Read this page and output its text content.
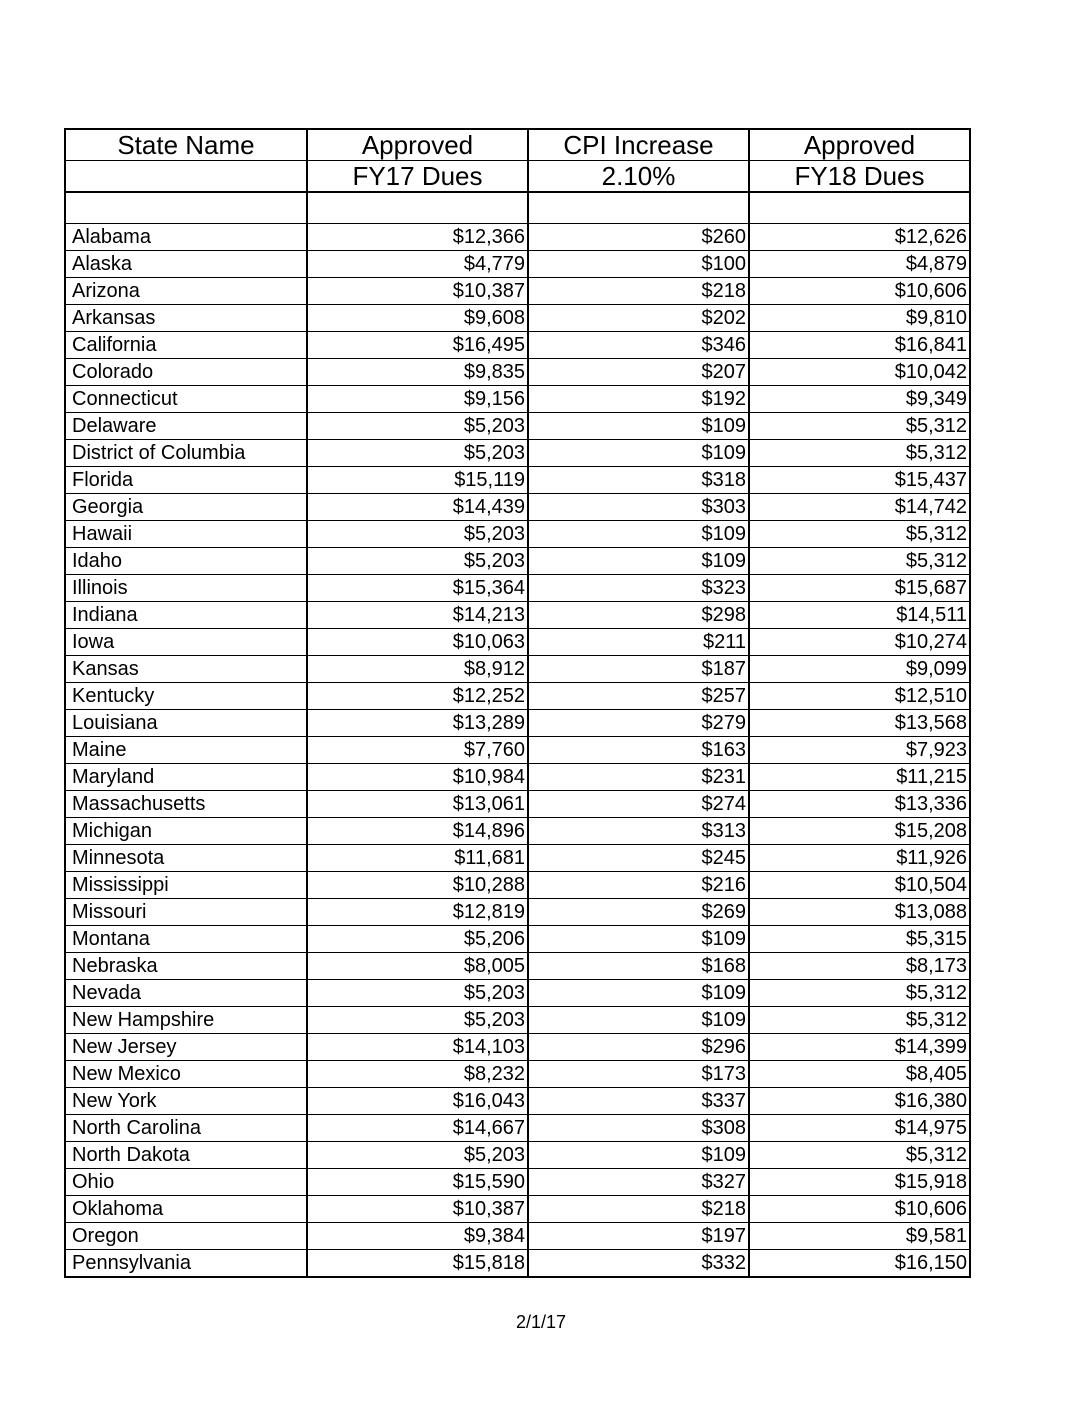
State Name	Approved	CPI Increase	Approved
	FY17 Dues	2.10%	FY18 Dues

Alabama	$12,366	$260	$12,626
Alaska	$4,779	$100	$4,879
Arizona	$10,387	$218	$10,606
Arkansas	$9,608	$202	$9,810
California	$16,495	$346	$16,841
Colorado	$9,835	$207	$10,042
Connecticut	$9,156	$192	$9,349
Delaware	$5,203	$109	$5,312
District of Columbia	$5,203	$109	$5,312
Florida	$15,119	$318	$15,437
Georgia	$14,439	$303	$14,742
Hawaii	$5,203	$109	$5,312
Idaho	$5,203	$109	$5,312
Illinois	$15,364	$323	$15,687
Indiana	$14,213	$298	$14,511
Iowa	$10,063	$211	$10,274
Kansas	$8,912	$187	$9,099
Kentucky	$12,252	$257	$12,510
Louisiana	$13,289	$279	$13,568
Maine	$7,760	$163	$7,923
Maryland	$10,984	$231	$11,215
Massachusetts	$13,061	$274	$13,336
Michigan	$14,896	$313	$15,208
Minnesota	$11,681	$245	$11,926
Mississippi	$10,288	$216	$10,504
Missouri	$12,819	$269	$13,088
Montana	$5,206	$109	$5,315
Nebraska	$8,005	$168	$8,173
Nevada	$5,203	$109	$5,312
New Hampshire	$5,203	$109	$5,312
New Jersey	$14,103	$296	$14,399
New Mexico	$8,232	$173	$8,405
New York	$16,043	$337	$16,380
North Carolina	$14,667	$308	$14,975
North Dakota	$5,203	$109	$5,312
Ohio	$15,590	$327	$15,918
Oklahoma	$10,387	$218	$10,606
Oregon	$9,384	$197	$9,581
Pennsylvania	$15,818	$332	$16,150
2/1/17
